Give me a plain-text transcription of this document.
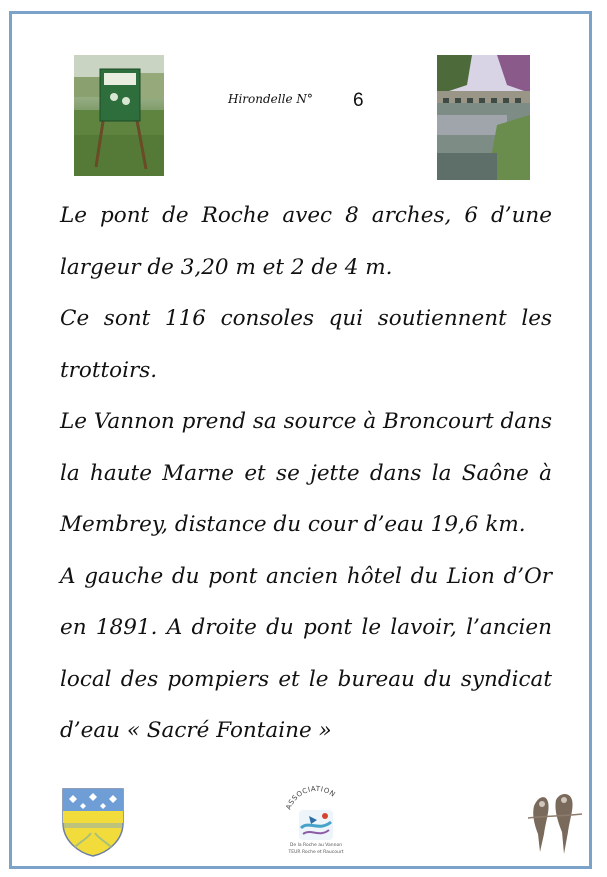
Hirondelle N° 6

Le pont de Roche avec 8 arches, 6 d’une largeur de 3,20 m et 2 de 4 m.

Ce sont 116 consoles qui soutiennent les trottoirs.

Le Vannon prend sa source à Broncourt dans la haute Marne et se jette dans la Saône à Membrey, distance du cour d’eau 19,6 km.

A gauche du pont ancien hôtel du Lion d’Or en 1891. A droite du pont le lavoir, l’ancien local des pompiers et le bureau du syndicat d’eau « Sacré Fontaine »

ASSOCIATION
De la Roche au Vannon
TEUR Roche et Raucourt
